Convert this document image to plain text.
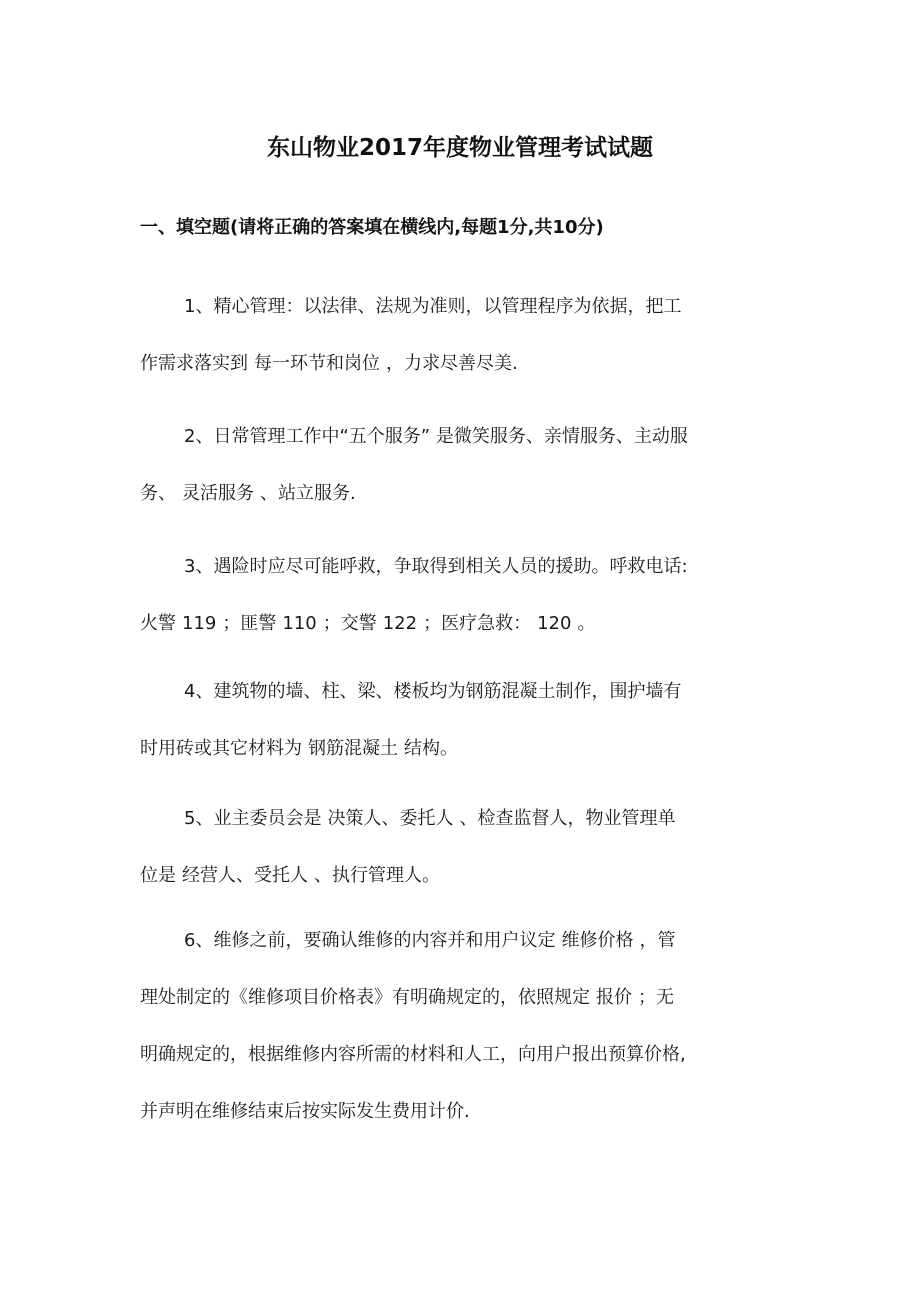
东山物业2017年度物业管理考试试题
一、填空题(请将正确的答案填在横线内,每题1分,共10分)
1、精心管理：以法律、法规为准则，以管理程序为依据，把工
作需求落实到 每一环节和岗位 ，力求尽善尽美.
2、日常管理工作中“五个服务” 是微笑服务、亲情服务、主动服
务、 灵活服务 、站立服务.
3、遇险时应尽可能呼救，争取得到相关人员的援助。呼救电话:
火警 119 ；匪警 110 ；交警 122 ；医疗急救： 120 。
4、建筑物的墙、柱、梁、楼板均为钢筋混凝土制作，围护墙有
时用砖或其它材料为 钢筋混凝土 结构。
5、业主委员会是 决策人、委托人 、检查监督人，物业管理单
位是 经营人、受托人 、执行管理人。
6、维修之前，要确认维修的内容并和用户议定 维修价格 ，管
理处制定的《维修项目价格表》有明确规定的，依照规定 报价 ；无
明确规定的，根据维修内容所需的材料和人工，向用户报出预算价格,
并声明在维修结束后按实际发生费用计价.
